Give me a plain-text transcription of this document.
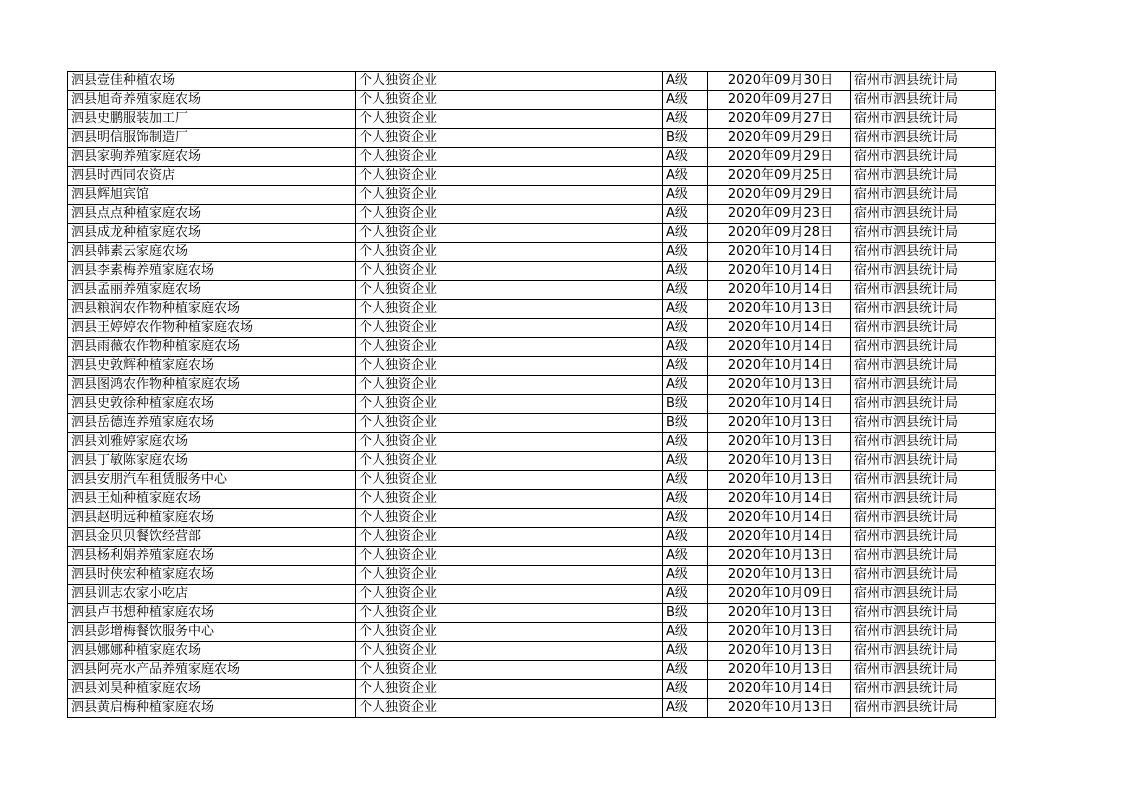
泗县壹佳种植农场	个人独资企业	A级	2020年09月30日	宿州市泗县统计局
泗县旭奇养殖家庭农场	个人独资企业	A级	2020年09月27日	宿州市泗县统计局
泗县史鹏服装加工厂	个人独资企业	A级	2020年09月27日	宿州市泗县统计局
泗县明信服饰制造厂	个人独资企业	B级	2020年09月29日	宿州市泗县统计局
泗县家驹养殖家庭农场	个人独资企业	A级	2020年09月29日	宿州市泗县统计局
泗县时西同农资店	个人独资企业	A级	2020年09月25日	宿州市泗县统计局
泗县辉旭宾馆	个人独资企业	A级	2020年09月29日	宿州市泗县统计局
泗县点点种植家庭农场	个人独资企业	A级	2020年09月23日	宿州市泗县统计局
泗县成龙种植家庭农场	个人独资企业	A级	2020年09月28日	宿州市泗县统计局
泗县韩素云家庭农场	个人独资企业	A级	2020年10月14日	宿州市泗县统计局
泗县李素梅养殖家庭农场	个人独资企业	A级	2020年10月14日	宿州市泗县统计局
泗县孟丽养殖家庭农场	个人独资企业	A级	2020年10月14日	宿州市泗县统计局
泗县粮润农作物种植家庭农场	个人独资企业	A级	2020年10月13日	宿州市泗县统计局
泗县王婷婷农作物种植家庭农场	个人独资企业	A级	2020年10月14日	宿州市泗县统计局
泗县雨薇农作物种植家庭农场	个人独资企业	A级	2020年10月14日	宿州市泗县统计局
泗县史敦辉种植家庭农场	个人独资企业	A级	2020年10月14日	宿州市泗县统计局
泗县图鸿农作物种植家庭农场	个人独资企业	A级	2020年10月13日	宿州市泗县统计局
泗县史敦徐种植家庭农场	个人独资企业	B级	2020年10月14日	宿州市泗县统计局
泗县岳德连养殖家庭农场	个人独资企业	B级	2020年10月13日	宿州市泗县统计局
泗县刘雅婷家庭农场	个人独资企业	A级	2020年10月13日	宿州市泗县统计局
泗县丁敏陈家庭农场	个人独资企业	A级	2020年10月13日	宿州市泗县统计局
泗县安朋汽车租赁服务中心	个人独资企业	A级	2020年10月13日	宿州市泗县统计局
泗县王灿种植家庭农场	个人独资企业	A级	2020年10月14日	宿州市泗县统计局
泗县赵明远种植家庭农场	个人独资企业	A级	2020年10月14日	宿州市泗县统计局
泗县金贝贝餐饮经营部	个人独资企业	A级	2020年10月14日	宿州市泗县统计局
泗县杨利娟养殖家庭农场	个人独资企业	A级	2020年10月13日	宿州市泗县统计局
泗县时侠宏种植家庭农场	个人独资企业	A级	2020年10月13日	宿州市泗县统计局
泗县训志农家小吃店	个人独资企业	A级	2020年10月09日	宿州市泗县统计局
泗县卢书想种植家庭农场	个人独资企业	B级	2020年10月13日	宿州市泗县统计局
泗县彭增梅餐饮服务中心	个人独资企业	A级	2020年10月13日	宿州市泗县统计局
泗县娜娜种植家庭农场	个人独资企业	A级	2020年10月13日	宿州市泗县统计局
泗县阿亮水产品养殖家庭农场	个人独资企业	A级	2020年10月13日	宿州市泗县统计局
泗县刘昊种植家庭农场	个人独资企业	A级	2020年10月14日	宿州市泗县统计局
泗县黄启梅种植家庭农场	个人独资企业	A级	2020年10月13日	宿州市泗县统计局
